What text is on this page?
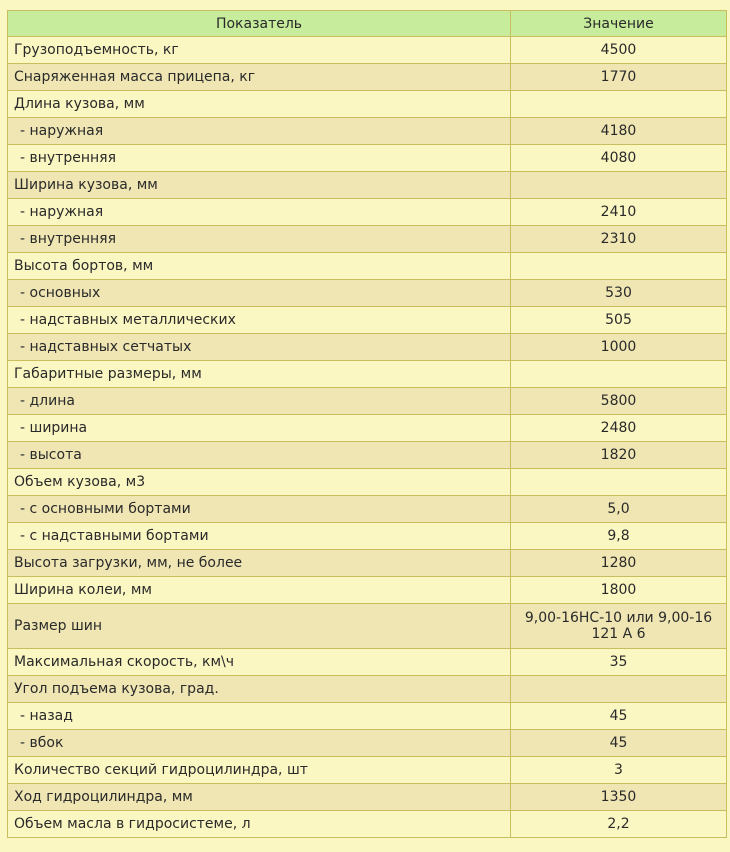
Показатель	Значение
Грузоподъемность, кг	4500
Снаряженная масса прицепа, кг	1770
Длина кузова, мм	
- наружная	4180
- внутренняя	4080
Ширина кузова, мм	
- наружная	2410
- внутренняя	2310
Высота бортов, мм	
- основных	530
- надставных металлических	505
- надставных сетчатых	1000
Габаритные размеры, мм	
- длина	5800
- ширина	2480
- высота	1820
Объем кузова, м3	
- с основными бортами	5,0
- с надставными бортами	9,8
Высота загрузки, мм, не более	1280
Ширина колеи, мм	1800
Размер шин	9,00-16НС-10 или 9,00-16 121 А 6
Максимальная скорость, км\ч	35
Угол подъема кузова, град.	
- назад	45
- вбок	45
Количество секций гидроцилиндра, шт	3
Ход гидроцилиндра, мм	1350
Объем масла в гидросистеме, л	2,2
